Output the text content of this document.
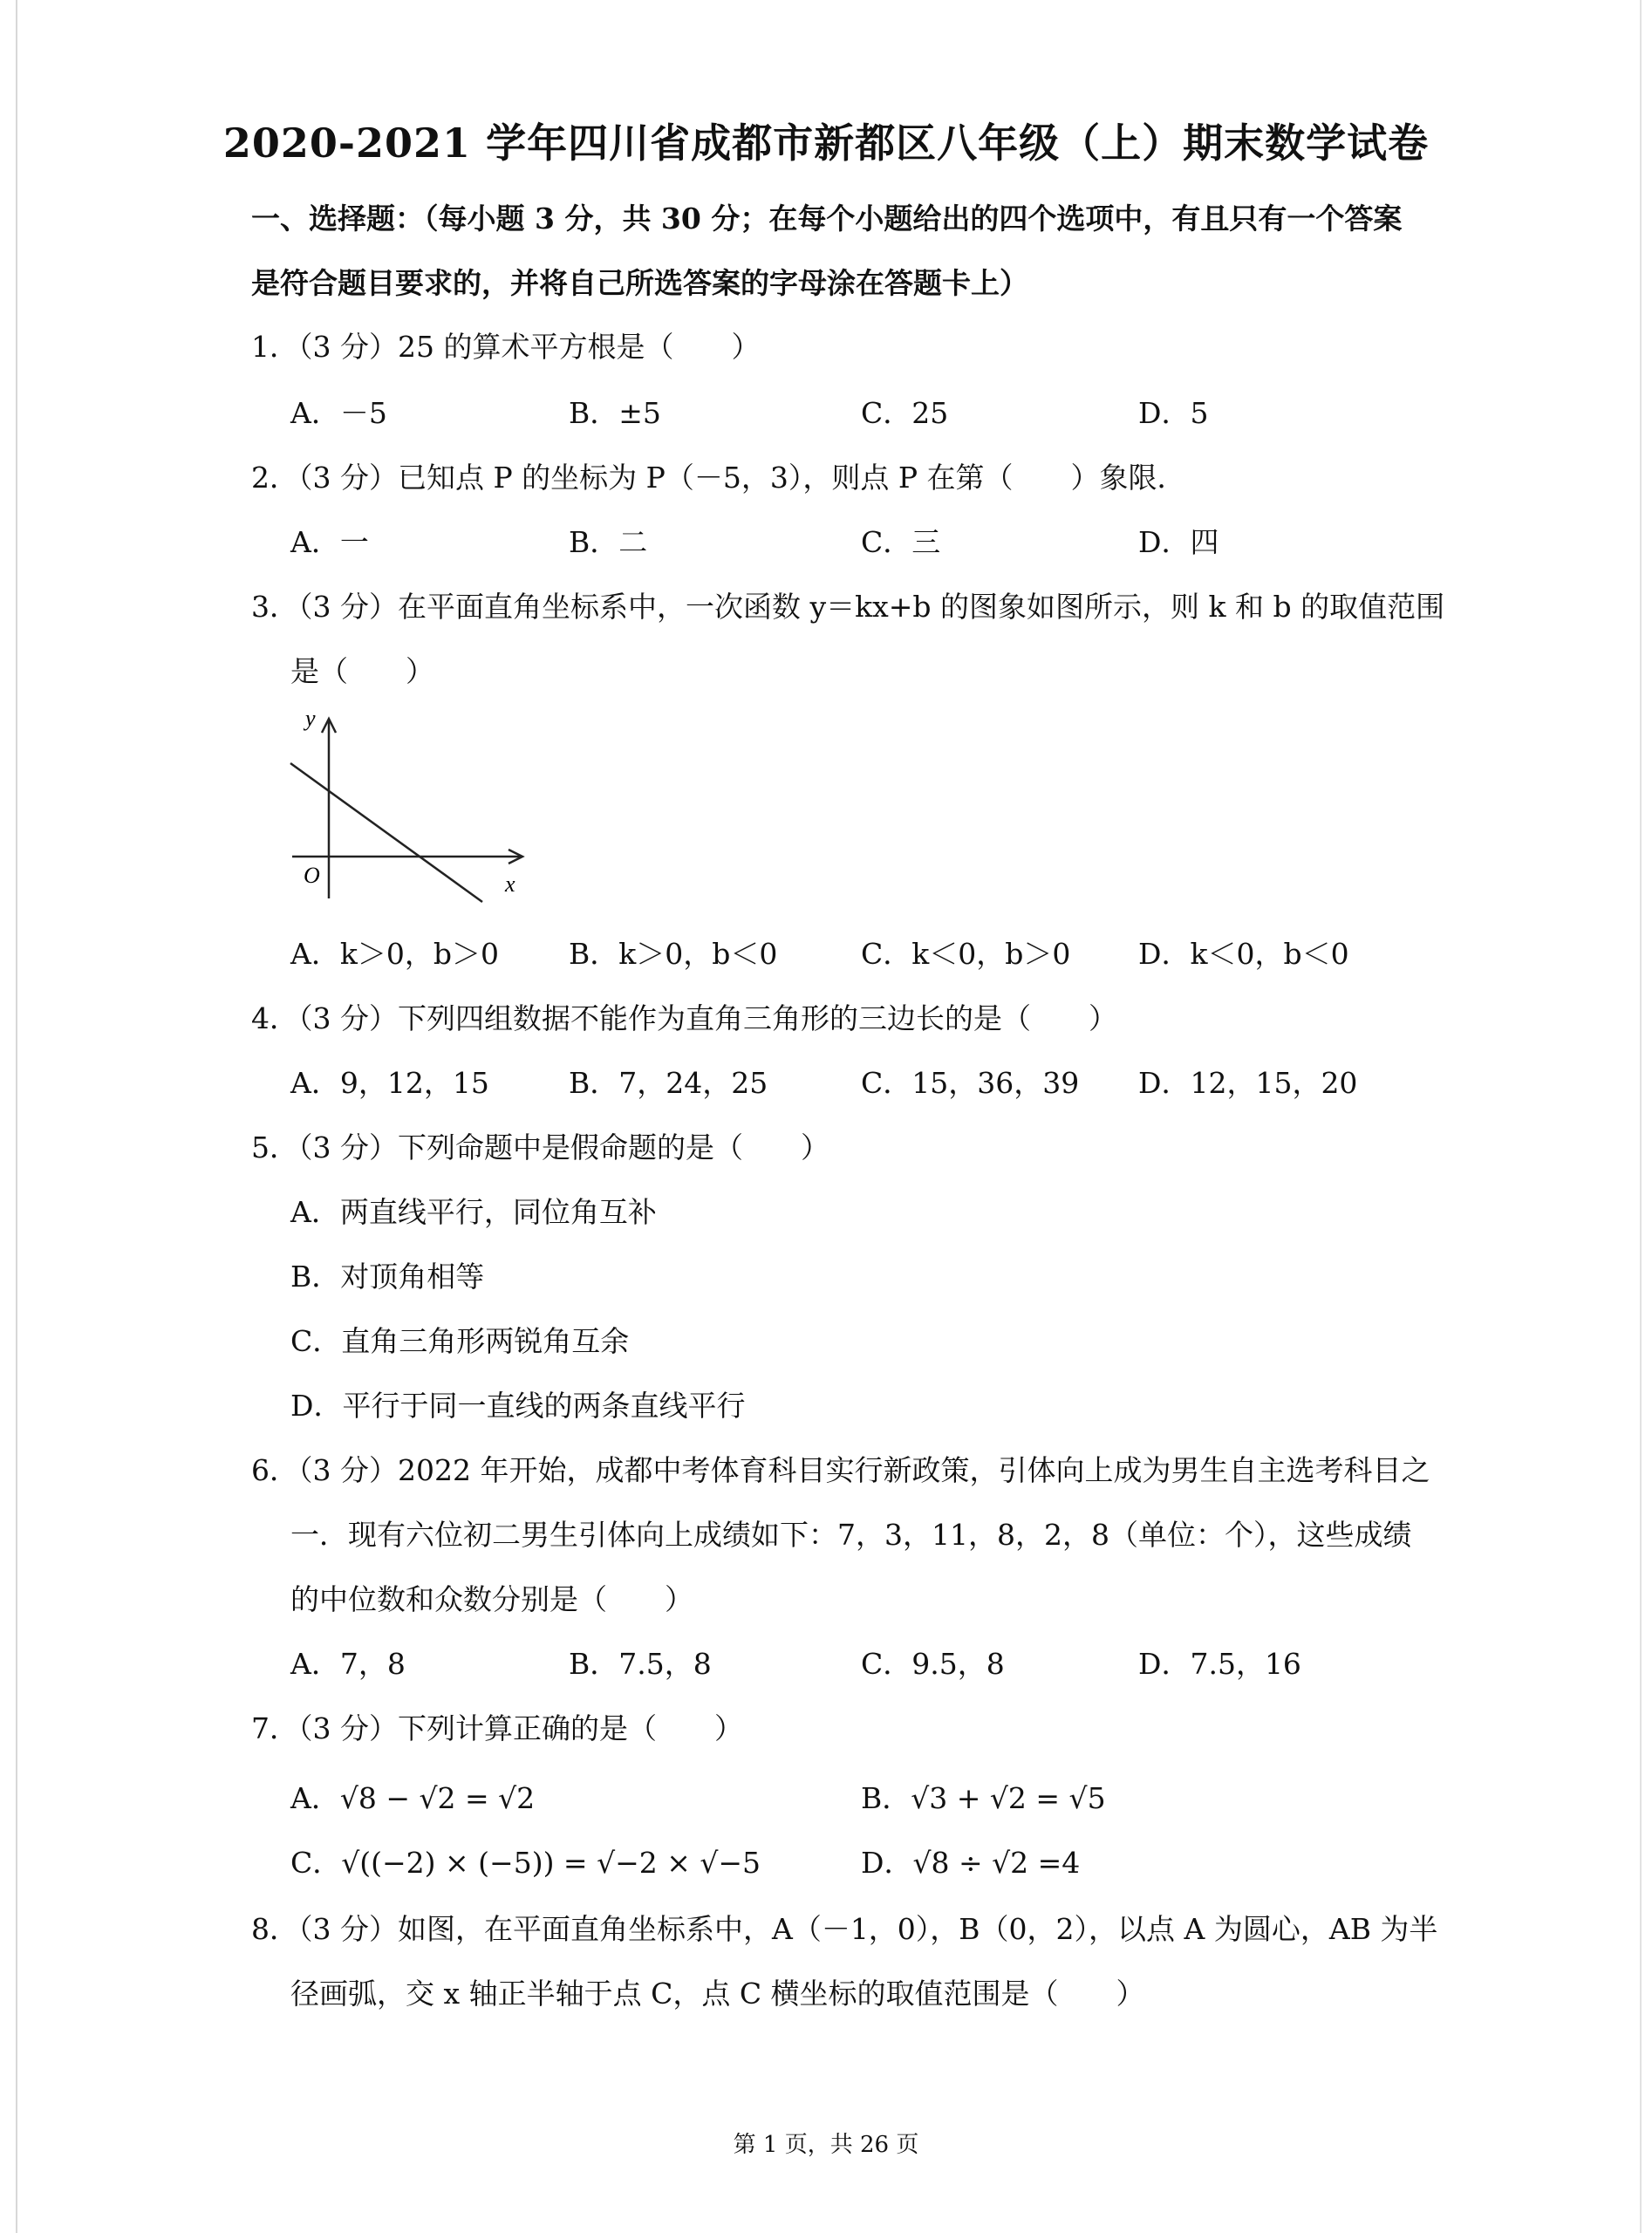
2020-2021 学年四川省成都市新都区八年级（上）期末数学试卷
一、选择题：（每小题 3 分，共 30 分；在每个小题给出的四个选项中，有且只有一个答案
是符合题目要求的，并将自己所选答案的字母涂在答题卡上）
1．（3 分）25 的算术平方根是（　　）
A．－5	B．±5	C．25	D．5
2．（3 分）已知点 P 的坐标为 P（－5，3），则点 P 在第（　　）象限．
A．一	B．二	C．三	D．四
3．（3 分）在平面直角坐标系中，一次函数 y＝kx+b 的图象如图所示，则 k 和 b 的取值范围
是（　　）
y
x
O
A．k＞0，b＞0 B．k＞0，b＜0	C．k＜0，b＞0 D．k＜0，b＜0
4．（3 分）下列四组数据不能作为直角三角形的三边长的是（　　）
A．9，12，15	B．7，24，25	C．15，36，39 D．12，15，20
5．（3 分）下列命题中是假命题的是（　　）
A．两直线平行，同位角互补
B．对顶角相等
C．直角三角形两锐角互余
D．平行于同一直线的两条直线平行
6．（3 分）2022 年开始，成都中考体育科目实行新政策，引体向上成为男生自主选考科目之
一．现有六位初二男生引体向上成绩如下：7，3，11，8，2，8（单位：个），这些成绩
的中位数和众数分别是（　　）
A．7，8	B．7.5，8	C．9.5，8	D．7.5，16
7．（3 分）下列计算正确的是（　　）
A．√8 − √2 = √2	B．√3 + √2 = √5
C．√((−2) × (−5)) = √−2 × √−5	D．√8 ÷ √2 =4
8．（3 分）如图，在平面直角坐标系中，A（－1，0），B（0，2），以点 A 为圆心，AB 为半
径画弧，交 x 轴正半轴于点 C，点 C 横坐标的取值范围是（　　）
第 1 页，共 26 页
